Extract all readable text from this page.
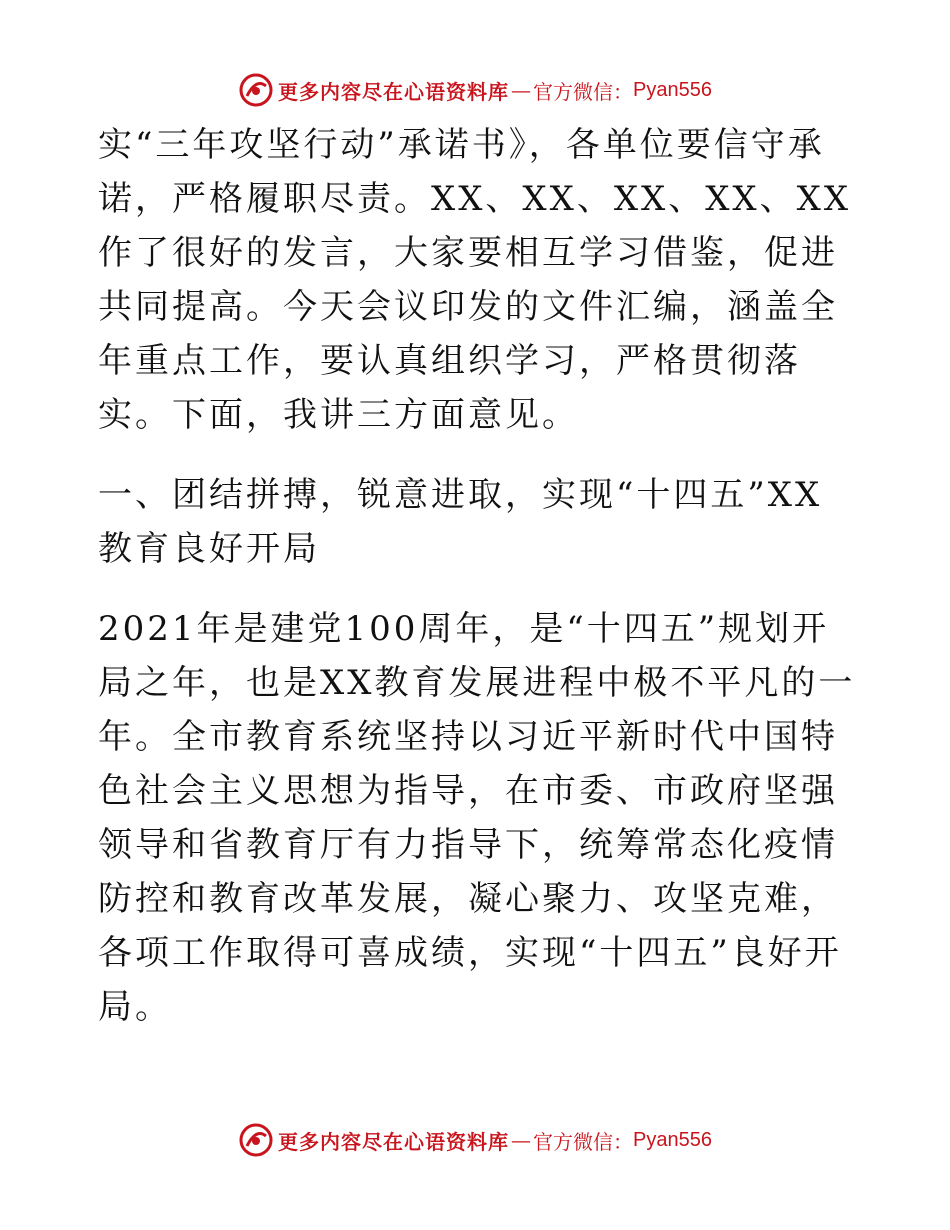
更多内容尽在心语资料库 — 官方微信： Pyan556

实“三年攻坚行动”承诺书》，各单位要信守承诺，严格履职尽责。XX、XX、XX、XX、XX作了很好的发言，大家要相互学习借鉴，促进共同提高。今天会议印发的文件汇编，涵盖全年重点工作，要认真组织学习，严格贯彻落实。下面，我讲三方面意见。

一、团结拼搏，锐意进取，实现“十四五”XX教育良好开局

2021年是建党100周年，是“十四五”规划开局之年，也是XX教育发展进程中极不平凡的一年。全市教育系统坚持以习近平新时代中国特色社会主义思想为指导，在市委、市政府坚强领导和省教育厅有力指导下，统筹常态化疫情防控和教育改革发展，凝心聚力、攻坚克难，各项工作取得可喜成绩，实现“十四五”良好开局。

更多内容尽在心语资料库 — 官方微信： Pyan556
